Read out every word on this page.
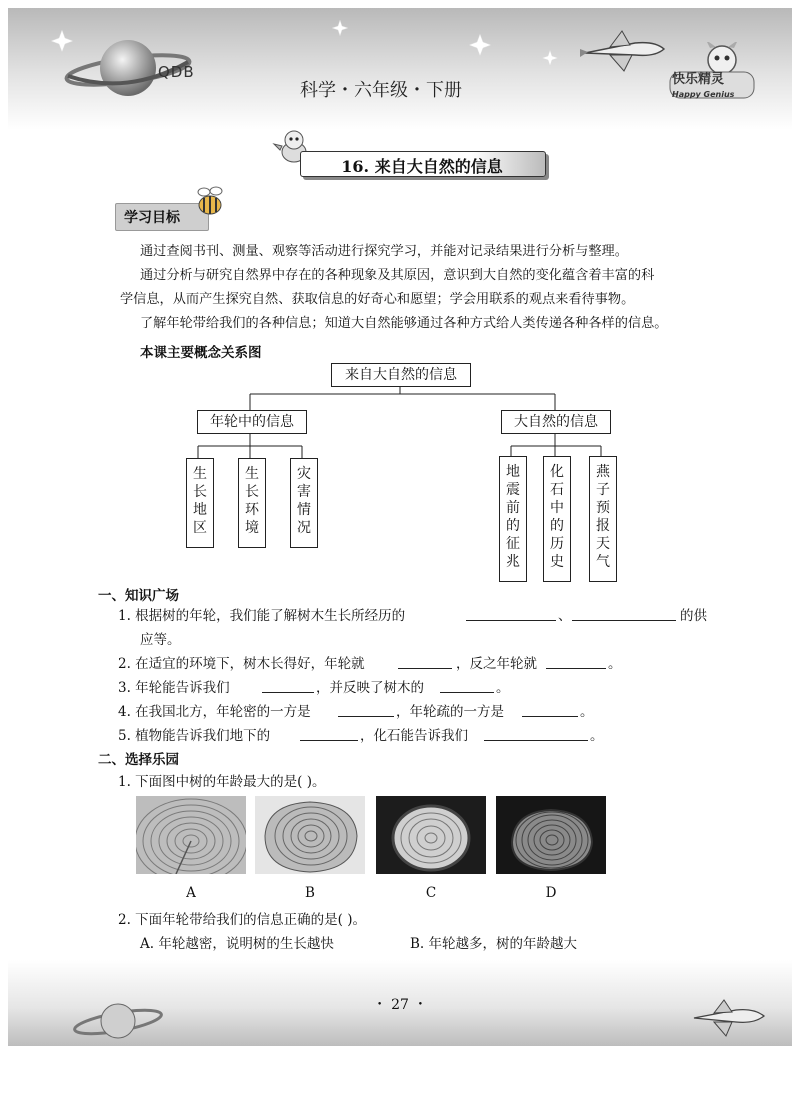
快乐精灵
Happy Genius
QDB
科学・六年级・下册
16. 来自大自然的信息
学习目标
通过查阅书刊、测量、观察等活动进行探究学习，并能对记录结果进行分析与整理。
通过分析与研究自然界中存在的各种现象及其原因，意识到大自然的变化蕴含着丰富的科
学信息，从而产生探究自然、获取信息的好奇心和愿望；学会用联系的观点来看待事物。
了解年轮带给我们的各种信息；知道大自然能够通过各种方式给人类传递各种各样的信息。
本课主要概念关系图
来自大自然的信息
年轮中的信息	大自然的信息
生长地区
生长环境
灾害情况
地震前的征兆
化石中的历史
燕子预报天气
一、知识广场
1. 根据树的年轮，我们能了解树木生长所经历的	、	的供
应等。
2. 在适宜的环境下，树木长得好，年轮就	，反之年轮就	。
3. 年轮能告诉我们	，并反映了树木的	。
4. 在我国北方，年轮密的一方是	，年轮疏的一方是	。
5. 植物能告诉我们地下的	，化石能告诉我们	。
二、选择乐园
1. 下面图中树的年龄最大的是( )。
A	B	C	D
2. 下面年轮带给我们的信息正确的是( )。
A. 年轮越密，说明树的生长越快	B. 年轮越多，树的年龄越大
・ 27 ・
